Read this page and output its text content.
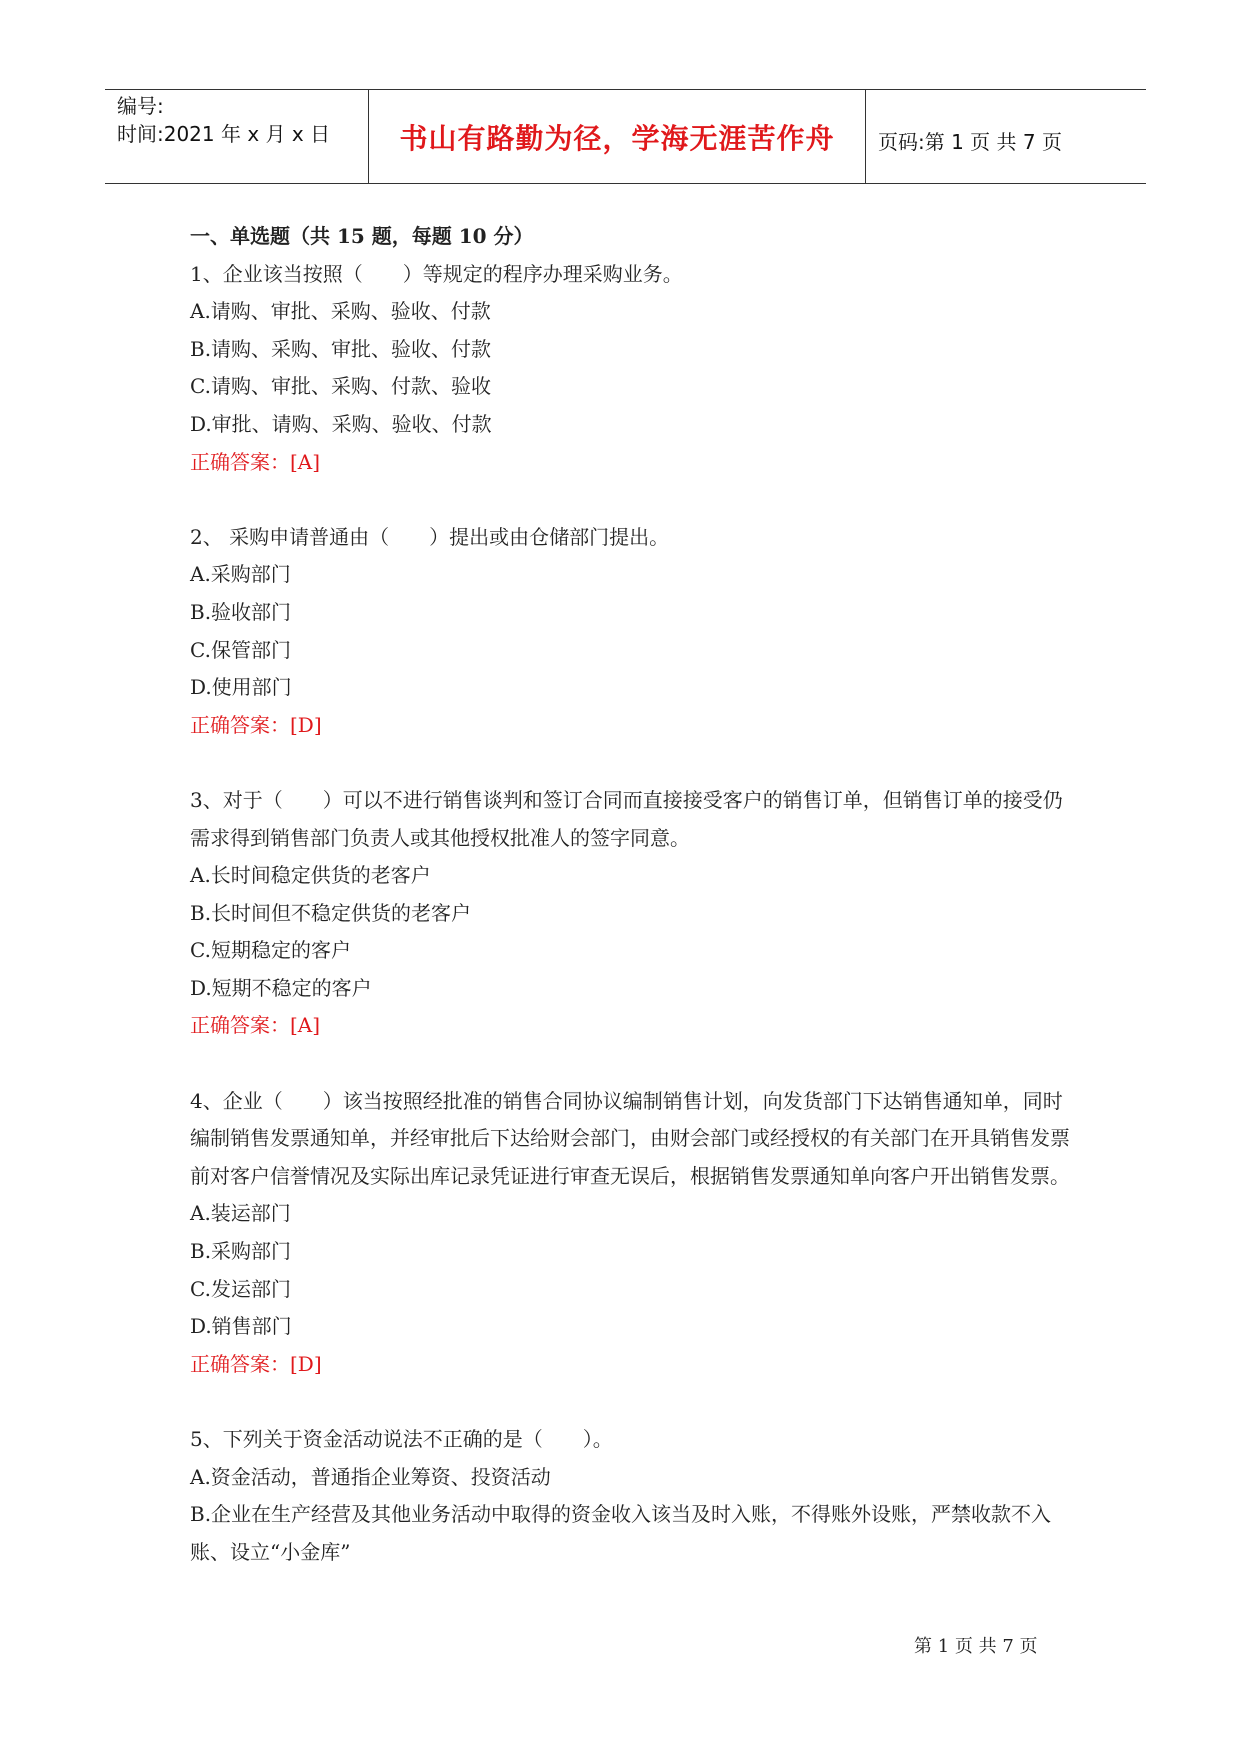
编号:
时间:2021 年 x 月 x 日	书山有路勤为径，学海无涯苦作舟	页码:第 1 页 共 7 页
一、单选题（共 15 题，每题 10 分）
1、企业该当按照（　　）等规定的程序办理采购业务。
A.请购、审批、采购、验收、付款
B.请购、采购、审批、验收、付款
C.请购、审批、采购、付款、验收
D.审批、请购、采购、验收、付款
正确答案：[A]
2、 采购申请普通由（　　）提出或由仓储部门提出。
A.采购部门
B.验收部门
C.保管部门
D.使用部门
正确答案：[D]
3、对于（　　）可以不进行销售谈判和签订合同而直接接受客户的销售订单，但销售订单的接受仍需求得到销售部门负责人或其他授权批准人的签字同意。
A.长时间稳定供货的老客户
B.长时间但不稳定供货的老客户
C.短期稳定的客户
D.短期不稳定的客户
正确答案：[A]
4、企业（　　）该当按照经批准的销售合同协议编制销售计划，向发货部门下达销售通知单，同时编制销售发票通知单，并经审批后下达给财会部门，由财会部门或经授权的有关部门在开具销售发票前对客户信誉情况及实际出库记录凭证进行审查无误后，根据销售发票通知单向客户开出销售发票。
A.装运部门
B.采购部门
C.发运部门
D.销售部门
正确答案：[D]
5、下列关于资金活动说法不正确的是（　　）。
A.资金活动，普通指企业筹资、投资活动
B.企业在生产经营及其他业务活动中取得的资金收入该当及时入账，不得账外设账，严禁收款不入账、设立“小金库”
第 1 页 共 7 页
